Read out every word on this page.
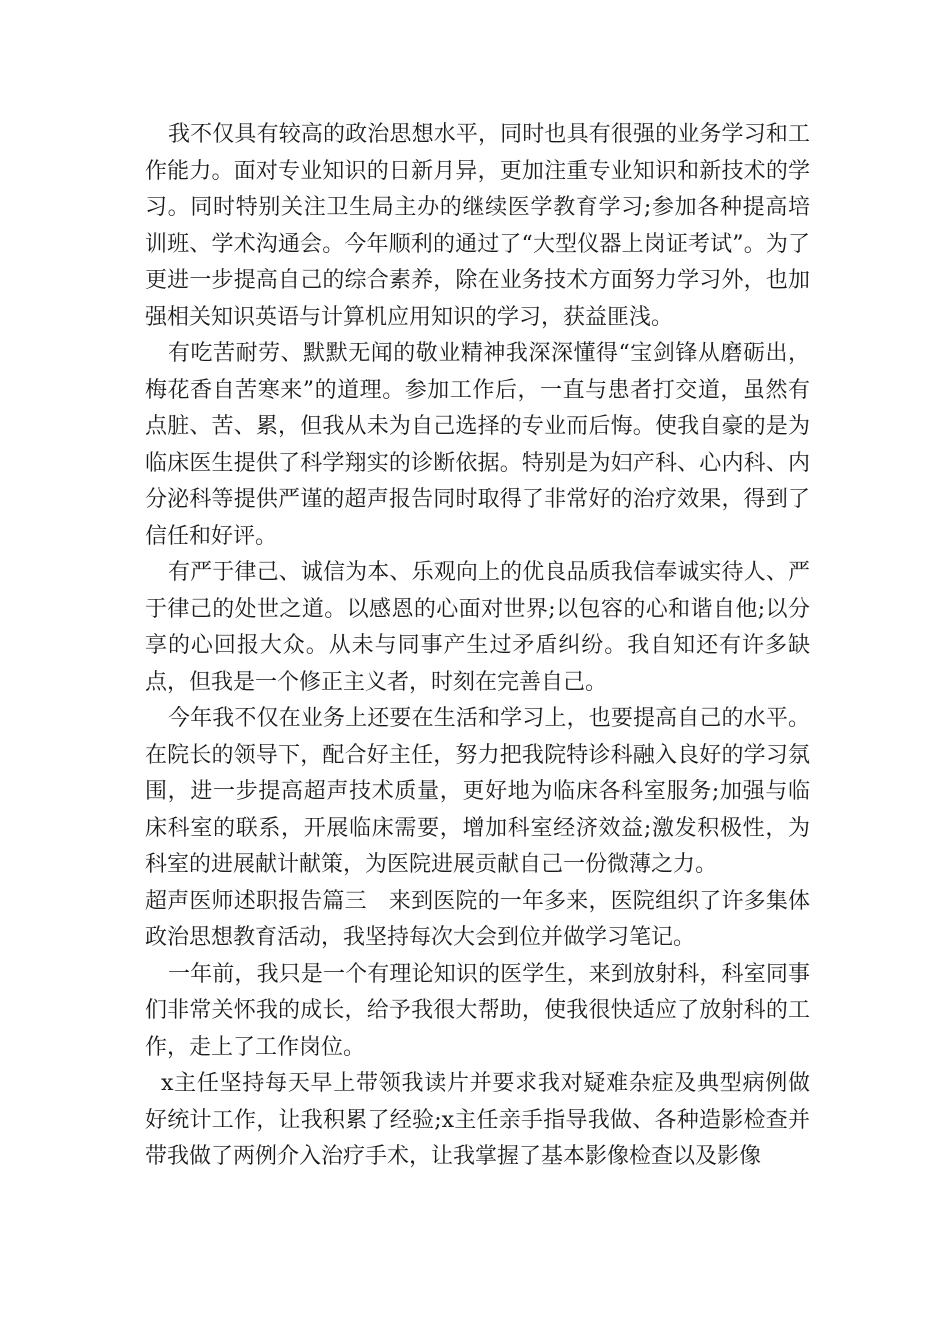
我不仅具有较高的政治思想水平，同时也具有很强的业务学习和工作能力。面对专业知识的日新月异，更加注重专业知识和新技术的学习。同时特别关注卫生局主办的继续医学教育学习;参加各种提高培训班、学术沟通会。今年顺利的通过了“大型仪器上岗证考试”。为了更进一步提高自己的综合素养，除在业务技术方面努力学习外，也加强相关知识英语与计算机应用知识的学习，获益匪浅。

有吃苦耐劳、默默无闻的敬业精神我深深懂得“宝剑锋从磨砺出，梅花香自苦寒来”的道理。参加工作后，一直与患者打交道，虽然有点脏、苦、累，但我从未为自己选择的专业而后悔。使我自豪的是为临床医生提供了科学翔实的诊断依据。特别是为妇产科、心内科、内分泌科等提供严谨的超声报告同时取得了非常好的治疗效果，得到了信任和好评。

有严于律己、诚信为本、乐观向上的优良品质我信奉诚实待人、严于律己的处世之道。以感恩的心面对世界;以包容的心和谐自他;以分享的心回报大众。从未与同事产生过矛盾纠纷。我自知还有许多缺点，但我是一个修正主义者，时刻在完善自己。

今年我不仅在业务上还要在生活和学习上，也要提高自己的水平。在院长的领导下，配合好主任，努力把我院特诊科融入良好的学习氛围，进一步提高超声技术质量，更好地为临床各科室服务;加强与临床科室的联系，开展临床需要，增加科室经济效益;激发积极性，为科室的进展献计献策，为医院进展贡献自己一份微薄之力。

超声医师述职报告篇三　来到医院的一年多来，医院组织了许多集体政治思想教育活动，我坚持每次大会到位并做学习笔记。

一年前，我只是一个有理论知识的医学生，来到放射科，科室同事们非常关怀我的成长，给予我很大帮助，使我很快适应了放射科的工作，走上了工作岗位。

x主任坚持每天早上带领我读片并要求我对疑难杂症及典型病例做好统计工作，让我积累了经验;x主任亲手指导我做、各种造影检查并带我做了两例介入治疗手术，让我掌握了基本影像检查以及影像
